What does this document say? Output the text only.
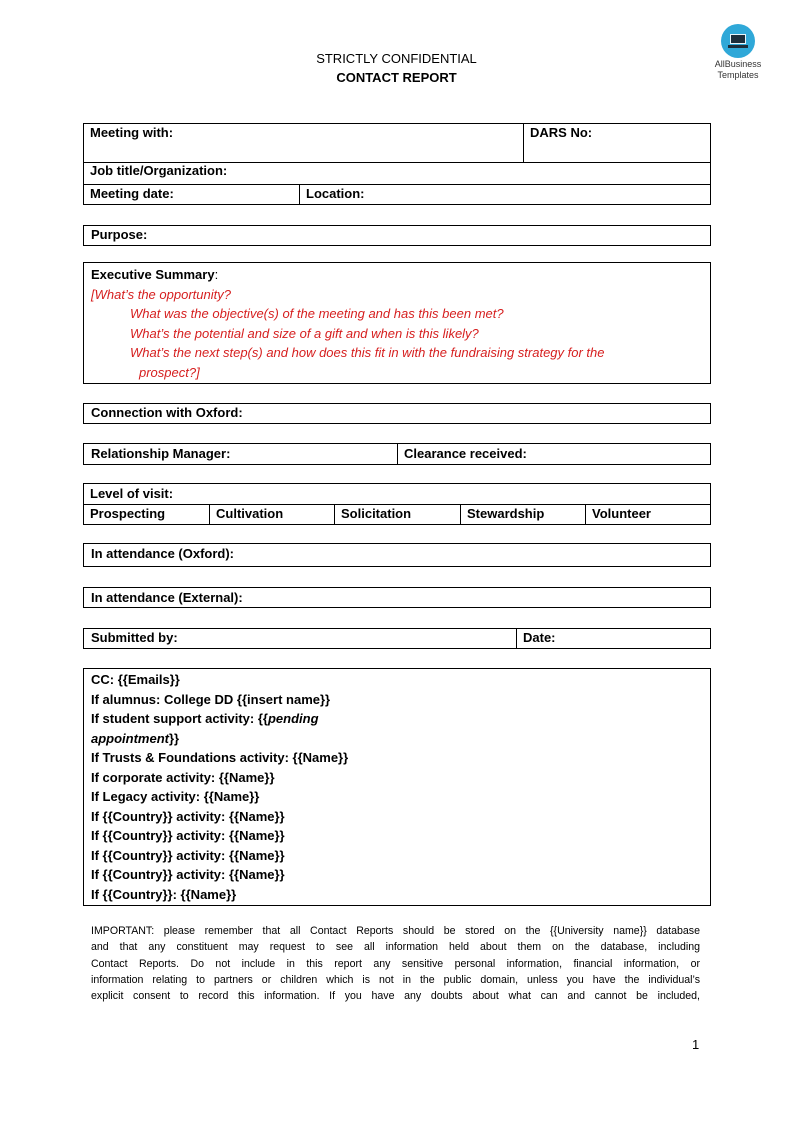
STRICTLY CONFIDENTIAL
CONTACT REPORT
AllBusiness
Templates
Meeting with:	DARS No:
Job title/Organization:
Meeting date:	Location:
Purpose:
Executive Summary:
[What’s the opportunity?
What was the objective(s) of the meeting and has this been met?
What’s the potential and size of a gift and when is this likely?
What’s the next step(s) and how does this fit in with the fundraising strategy for the
prospect?]
Connection with Oxford:
Relationship Manager:	Clearance received:
Level of visit:
Prospecting	Cultivation	Solicitation	Stewardship	Volunteer
In attendance (Oxford):
In attendance (External):
Submitted by:	Date:
CC: {{Emails}}
If alumnus: College DD {{insert name}}
If student support activity: {{pending
appointment}}
If Trusts & Foundations activity: {{Name}}
If corporate activity: {{Name}}
If Legacy activity: {{Name}}
If {{Country}} activity: {{Name}}
If {{Country}} activity: {{Name}}
If {{Country}} activity: {{Name}}
If {{Country}} activity: {{Name}}
If {{Country}}: {{Name}}

IMPORTANT: please remember that all Contact Reports should be stored on the {{University name}} database

and that any constituent may request to see all information held about them on the database, including

Contact Reports. Do not include in this report any sensitive personal information, financial information, or

information relating to partners or children which is not in the public domain, unless you have the individual’s

explicit consent to record this information. If you have any doubts about what can and cannot be included,

1
